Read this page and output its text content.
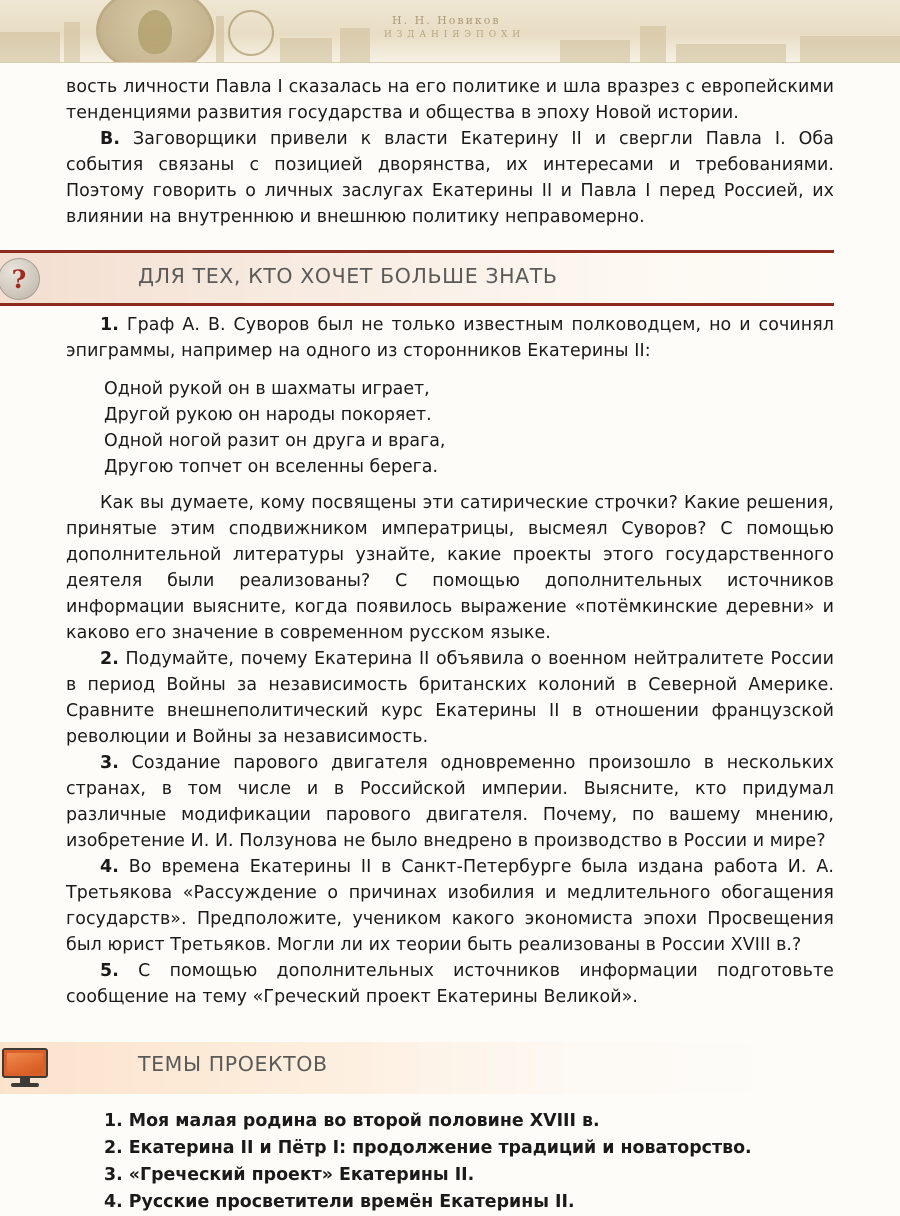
Н. Н. Новиков
И З Д А Н І Я Э П О Х И

вость личности Павла I сказалась на его политике и шла вразрез с европейскими тенденциями развития государства и общества в эпоху Новой истории.

В. Заговорщики привели к власти Екатерину II и свергли Павла I. Оба события связаны с позицией дворянства, их интересами и требованиями. Поэтому говорить о личных заслугах Екатерины II и Павла I перед Россией, их влиянии на внутреннюю и внешнюю политику неправомерно.

?	ДЛЯ ТЕХ, КТО ХОЧЕТ БОЛЬШЕ ЗНАТЬ

1. Граф А. В. Суворов был не только известным полководцем, но и сочинял эпиграммы, например на одного из сторонников Екатерины II:

Одной рукой он в шахматы играет,
Другой рукою он народы покоряет.
Одной ногой разит он друга и врага,
Другою топчет он вселенны берега.

Как вы думаете, кому посвящены эти сатирические строчки? Какие решения, принятые этим сподвижником императрицы, высмеял Суворов? С помощью дополнительной литературы узнайте, какие проекты этого государственного деятеля были реализованы? С помощью дополнительных источников информации выясните, когда появилось выражение «потёмкинские деревни» и каково его значение в современном русском языке.

2. Подумайте, почему Екатерина II объявила о военном нейтралитете России в период Войны за независимость британских колоний в Северной Америке. Сравните внешнеполитический курс Екатерины II в отношении французской революции и Войны за независимость.

3. Создание парового двигателя одновременно произошло в нескольких странах, в том числе и в Российской империи. Выясните, кто придумал различные модификации парового двигателя. Почему, по вашему мнению, изобретение И. И. Ползунова не было внедрено в производство в России и мире?

4. Во времена Екатерины II в Санкт-Петербурге была издана работа И. А. Третьякова «Рассуждение о причинах изобилия и медлительного обогащения государств». Предположите, учеником какого экономиста эпохи Просвещения был юрист Третьяков. Могли ли их теории быть реализованы в России XVIII в.?

5. С помощью дополнительных источников информации подготовьте сообщение на тему «Греческий проект Екатерины Великой».

ТЕМЫ ПРОЕКТОВ
1. Моя малая родина во второй половине XVIII в.
2. Екатерина II и Пётр I: продолжение традиций и новаторство.
3. «Греческий проект» Екатерины II.
4. Русские просветители времён Екатерины II.
